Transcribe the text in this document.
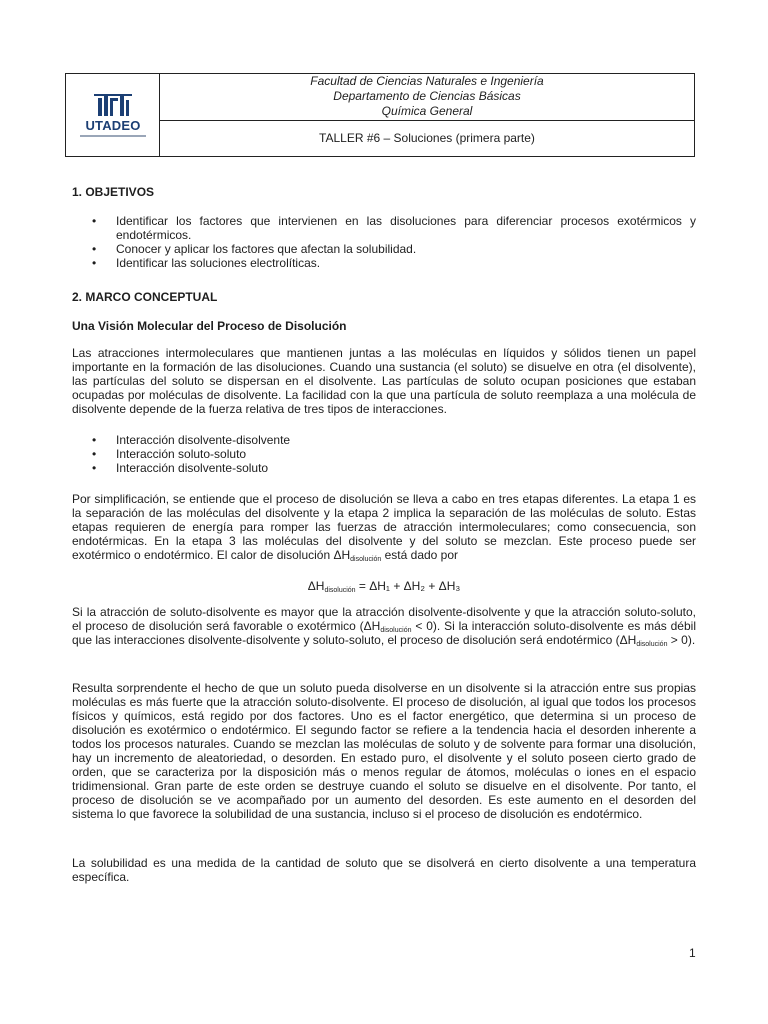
UTADEO
Facultad de Ciencias Naturales e Ingeniería
Departamento de Ciencias Básicas
Química General
TALLER #6 – Soluciones (primera parte)
1. OBJETIVOS
• Identificar los factores que intervienen en las disoluciones para diferenciar procesos exotérmicos y endotérmicos.
• Conocer y aplicar los factores que afectan la solubilidad.
• Identificar las soluciones electrolíticas.
2. MARCO CONCEPTUAL
Una Visión Molecular del Proceso de Disolución

Las atracciones intermoleculares que mantienen juntas a las moléculas en líquidos y sólidos tienen un papel importante en la formación de las disoluciones. Cuando una sustancia (el soluto) se disuelve en otra (el disolvente), las partículas del soluto se dispersan en el disolvente. Las partículas de soluto ocupan posiciones que estaban ocupadas por moléculas de disolvente. La facilidad con la que una partícula de soluto reemplaza a una molécula de disolvente depende de la fuerza relativa de tres tipos de interacciones.

• Interacción disolvente-disolvente
• Interacción soluto-soluto
• Interacción disolvente-soluto

Por simplificación, se entiende que el proceso de disolución se lleva a cabo en tres etapas diferentes. La etapa 1 es la separación de las moléculas del disolvente y la etapa 2 implica la separación de las moléculas de soluto. Estas etapas requieren de energía para romper las fuerzas de atracción intermoleculares; como consecuencia, son endotérmicas. En la etapa 3 las moléculas del disolvente y del soluto se mezclan. Este proceso puede ser exotérmico o endotérmico. El calor de disolución $\Delta H_{disolución}$ está dado por

$\Delta H_{disolución} = \Delta H_1 + \Delta H_2 + \Delta H_3$

Si la atracción de soluto-disolvente es mayor que la atracción disolvente-disolvente y que la atracción soluto-soluto, el proceso de disolución será favorable o exotérmico $(\Delta H_{disolución} < 0)$. Si la interacción soluto-disolvente es más débil que las interacciones disolvente-disolvente y soluto-soluto, el proceso de disolución será endotérmico $(\Delta H_{disolución} > 0)$.

Resulta sorprendente el hecho de que un soluto pueda disolverse en un disolvente si la atracción entre sus propias moléculas es más fuerte que la atracción soluto-disolvente. El proceso de disolución, al igual que todos los procesos físicos y químicos, está regido por dos factores. Uno es el factor energético, que determina si un proceso de disolución es exotérmico o endotérmico. El segundo factor se refiere a la tendencia hacia el desorden inherente a todos los procesos naturales. Cuando se mezclan las moléculas de soluto y de solvente para formar una disolución, hay un incremento de aleatoriedad, o desorden. En estado puro, el disolvente y el soluto poseen cierto grado de orden, que se caracteriza por la disposición más o menos regular de átomos, moléculas o iones en el espacio tridimensional. Gran parte de este orden se destruye cuando el soluto se disuelve en el disolvente. Por tanto, el proceso de disolución se ve acompañado por un aumento del desorden. Es este aumento en el desorden del sistema lo que favorece la solubilidad de una sustancia, incluso si el proceso de disolución es endotérmico.

La solubilidad es una medida de la cantidad de soluto que se disolverá en cierto disolvente a una temperatura específica.

1
